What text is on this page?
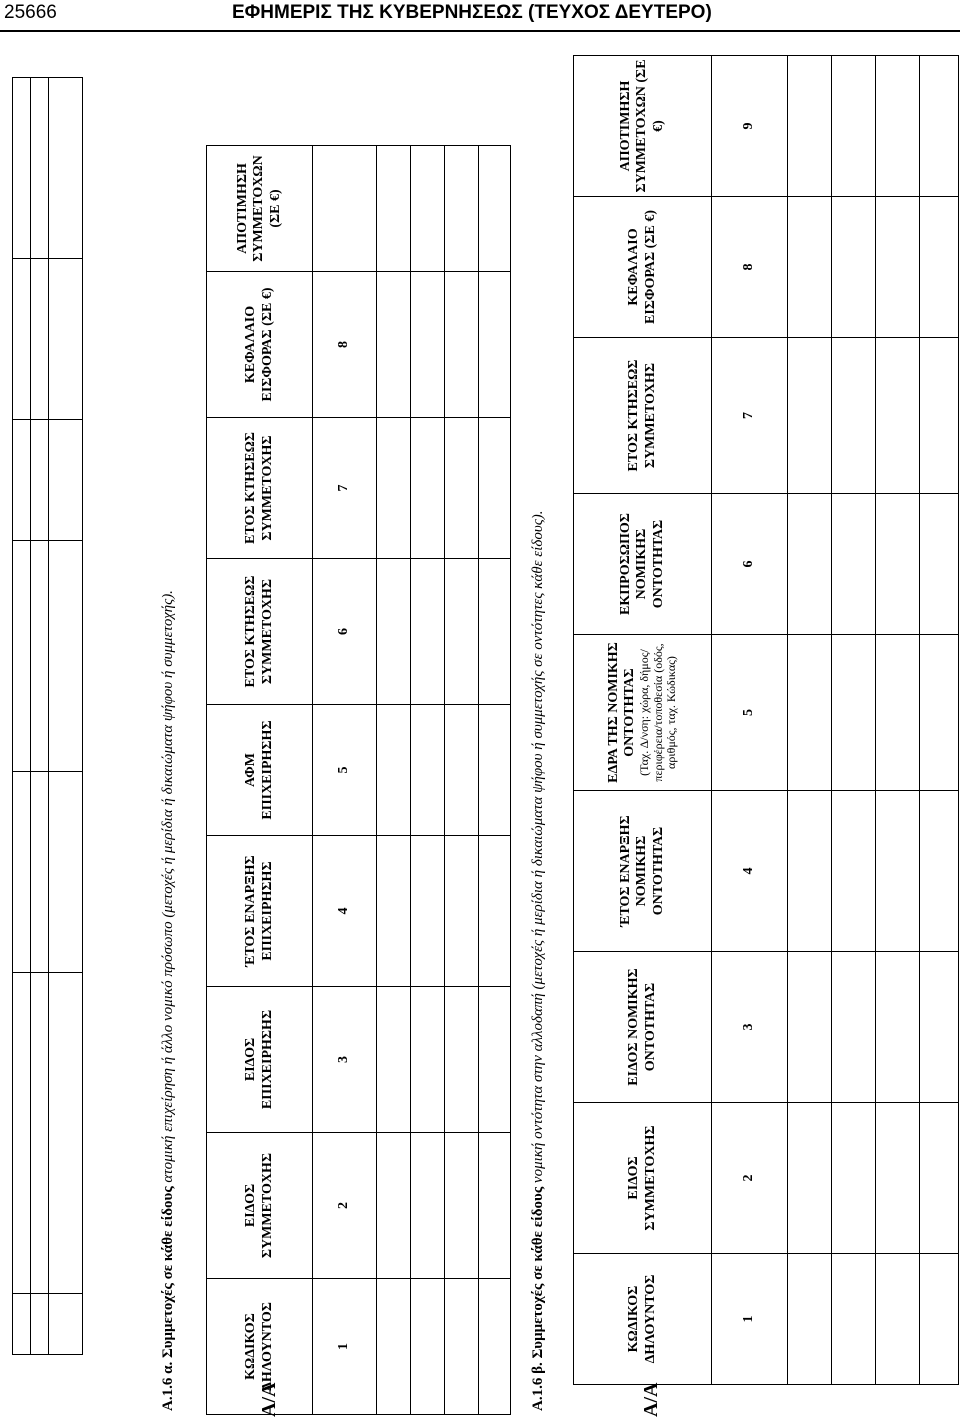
25666	ΕΦΗΜΕΡΙΣ ΤΗΣ ΚΥΒΕΡΝΗΣΕΩΣ (ΤΕΥΧΟΣ ΔΕΥΤΕΡΟ)

Α.1.6 α. Συμμετοχές σε κάθε είδους ατομική επιχείρηση ή άλλο νομικό πρόσωπο (μετοχές ή μερίδια ή δικαιώματα ψήφου ή συμμετοχής).
Α/Α
ΚΩΔΙΚΟΣ ΔΗΛΟΥΝΤΟΣ	ΕΙΔΟΣ ΣΥΜΜΕΤΟΧΗΣ	ΕΙΔΟΣ ΕΠΙΧΕΙΡΗΣΗΣ	ΈΤΟΣ ΕΝΑΡΞΗΣ ΕΠΙΧΕΙΡΗΣΗΣ	ΑΦΜ ΕΠΙΧΕΙΡΗΣΗΣ	ΕΤΟΣ ΚΤΗΣΕΩΣ ΣΥΜΜΕΤΟΧΗΣ	ΕΤΟΣ ΚΤΗΣΕΩΣ ΣΥΜΜΕΤΟΧΗΣ	ΚΕΦΑΛΑΙΟ ΕΙΣΦΟΡΑΣ (ΣΕ €)	ΑΠΟΤΙΜΗΣΗ ΣΥΜΜΕΤΟΧΩΝ (ΣΕ €)
1	2	3	4	5	6	7	8	

Α.1.6 β. Συμμετοχές σε κάθε είδους νομική οντότητα στην αλλοδαπή (μετοχές ή μερίδια ή δικαιώματα ψήφου ή συμμετοχής σε οντότητες κάθε είδους).
Α/Α
ΚΩΔΙΚΟΣ ΔΗΛΟΥΝΤΟΣ	ΕΙΔΟΣ ΣΥΜΜΕΤΟΧΗΣ	ΕΙΔΟΣ ΝΟΜΙΚΗΣ ΟΝΤΟΤΗΤΑΣ	ΈΤΟΣ ΕΝΑΡΞΗΣ ΝΟΜΙΚΗΣ ΟΝΤΟΤΗΤΑΣ	ΕΔΡΑ ΤΗΣ ΝΟΜΙΚΗΣ ΟΝΤΟΤΗΤΑΣ (Ταχ. Δ/νση: χώρα, δήμος/ περιφέρεια/τοποθεσία (οδός, αριθμός, ταχ. Κώδικας)	ΕΚΠΡΟΣΩΠΟΣ ΝΟΜΙΚΗΣ ΟΝΤΟΤΗΤΑΣ	ΕΤΟΣ ΚΤΗΣΕΩΣ ΣΥΜΜΕΤΟΧΗΣ	ΚΕΦΑΛΑΙΟ ΕΙΣΦΟΡΑΣ (ΣΕ €)	ΑΠΟΤΙΜΗΣΗ ΣΥΜΜΕΤΟΧΩΝ (ΣΕ €)
1	2	3	4	5	6	7	8	9
